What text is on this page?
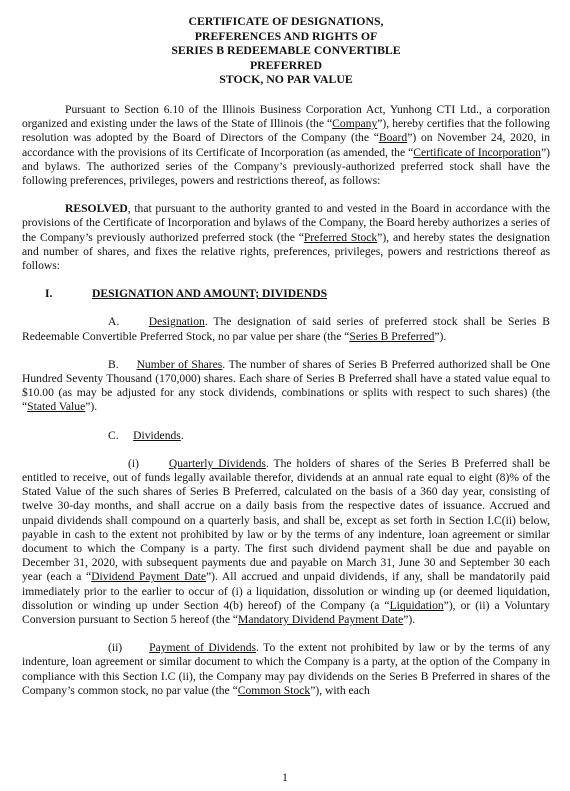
CERTIFICATE OF DESIGNATIONS,
PREFERENCES AND RIGHTS OF
SERIES B REDEEMABLE CONVERTIBLE
PREFERRED
STOCK, NO PAR VALUE

Pursuant to Section 6.10 of the Illinois Business Corporation Act, Yunhong CTI Ltd., a corporation organized and existing under the laws of the State of Illinois (the “Company”), hereby certifies that the following resolution was adopted by the Board of Directors of the Company (the “Board”) on November 24, 2020, in accordance with the provisions of its Certificate of Incorporation (as amended, the “Certificate of Incorporation”) and bylaws. The authorized series of the Company’s previously-authorized preferred stock shall have the following preferences, privileges, powers and restrictions thereof, as follows:

RESOLVED, that pursuant to the authority granted to and vested in the Board in accordance with the provisions of the Certificate of Incorporation and bylaws of the Company, the Board hereby authorizes a series of the Company’s previously authorized preferred stock (the “Preferred Stock”), and hereby states the designation and number of shares, and fixes the relative rights, preferences, privileges, powers and restrictions thereof as follows:

I.	DESIGNATION AND AMOUNT; DIVIDENDS

A.	Designation. The designation of said series of preferred stock shall be Series B Redeemable Convertible Preferred Stock, no par value per share (the “Series B Preferred”).

B. Number of Shares. The number of shares of Series B Preferred authorized shall be One Hundred Seventy Thousand (170,000) shares. Each share of Series B Preferred shall have a stated value equal to $10.00 (as may be adjusted for any stock dividends, combinations or splits with respect to such shares) (the “Stated Value”).

C. Dividends.

(i)	Quarterly Dividends. The holders of shares of the Series B Preferred shall be entitled to receive, out of funds legally available therefor, dividends at an annual rate equal to eight (8)% of the Stated Value of the such shares of Series B Preferred, calculated on the basis of a 360 day year, consisting of twelve 30-day months, and shall accrue on a daily basis from the respective dates of issuance. Accrued and unpaid dividends shall compound on a quarterly basis, and shall be, except as set forth in Section I.C(ii) below, payable in cash to the extent not prohibited by law or by the terms of any indenture, loan agreement or similar document to which the Company is a party. The first such dividend payment shall be due and payable on December 31, 2020, with subsequent payments due and payable on March 31, June 30 and September 30 each year (each a “Dividend Payment Date”). All accrued and unpaid dividends, if any, shall be mandatorily paid immediately prior to the earlier to occur of (i) a liquidation, dissolution or winding up (or deemed liquidation, dissolution or winding up under Section 4(b) hereof) of the Company (a “Liquidation”), or (ii) a Voluntary Conversion pursuant to Section 5 hereof (the “Mandatory Dividend Payment Date”).

(ii) Payment of Dividends. To the extent not prohibited by law or by the terms of any indenture, loan agreement or similar document to which the Company is a party, at the option of the Company in compliance with this Section I.C (ii), the Company may pay dividends on the Series B Preferred in shares of the Company’s common stock, no par value (the “Common Stock”), with each

1
